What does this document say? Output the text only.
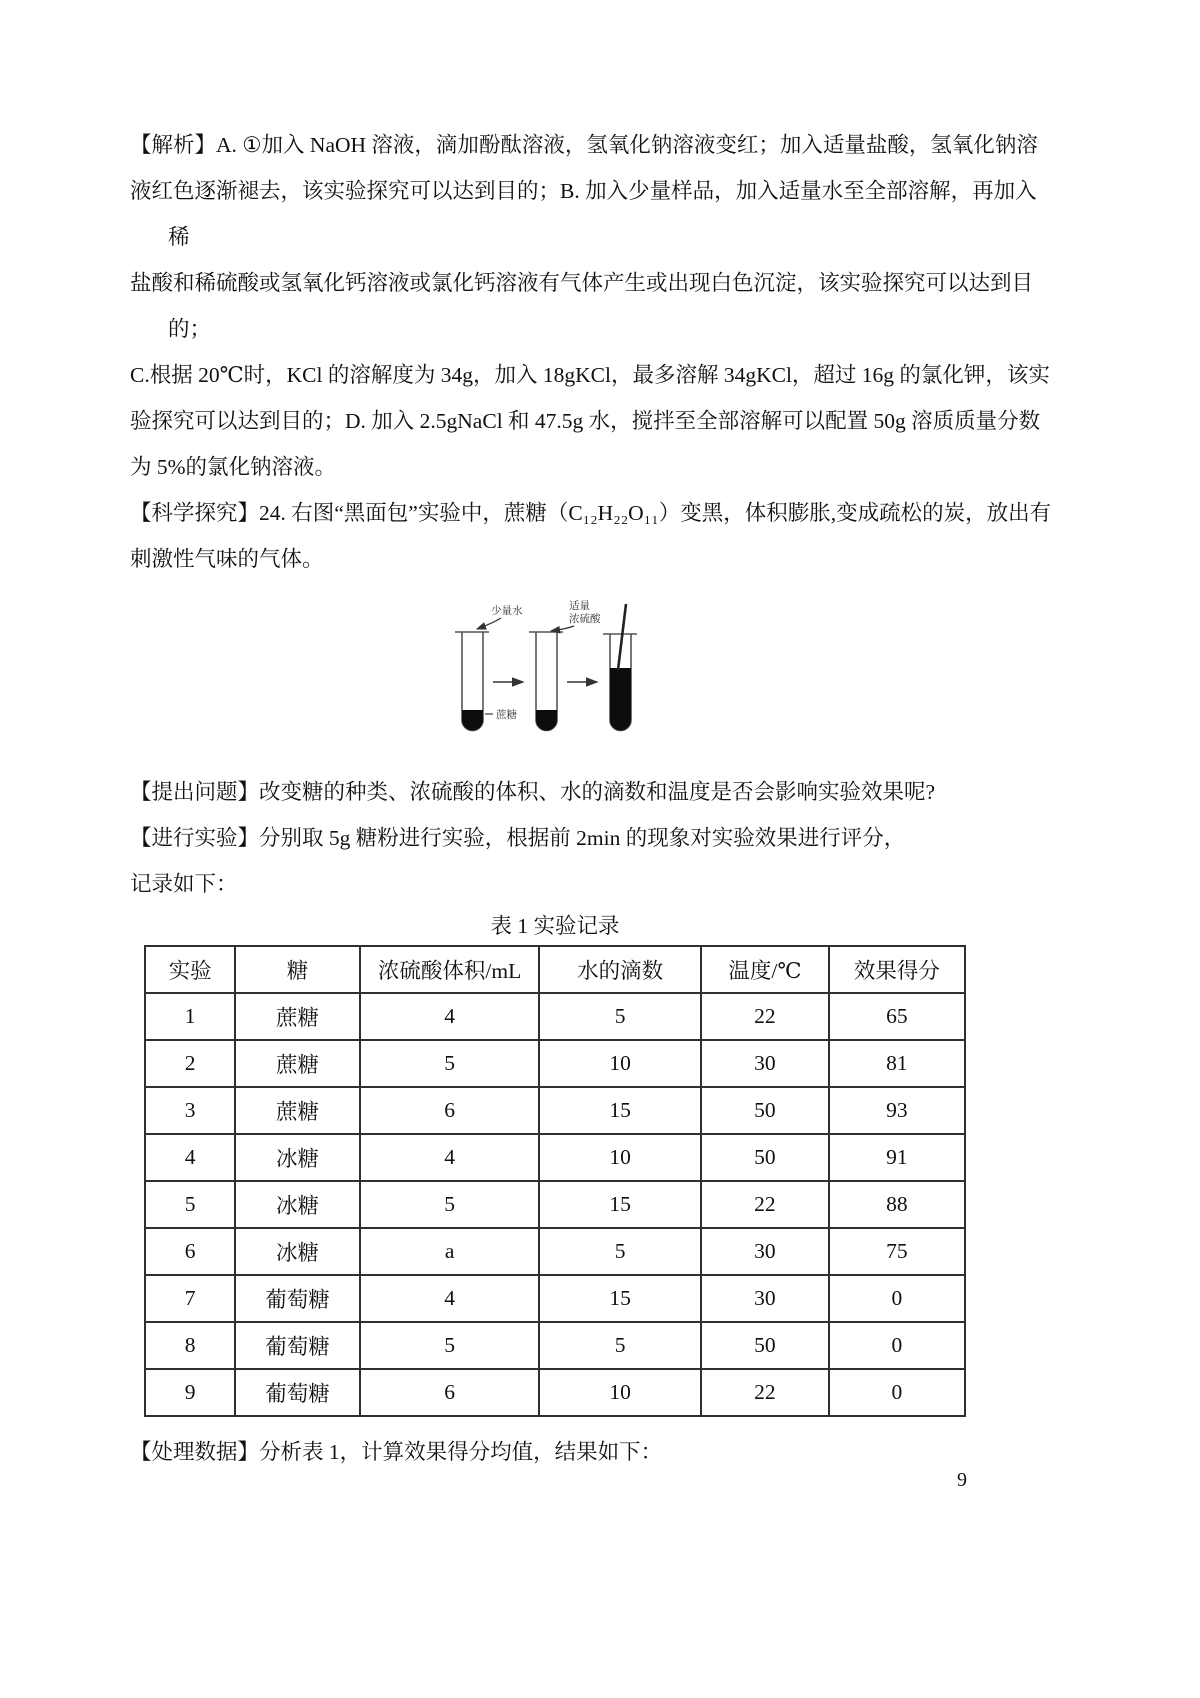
【解析】A. ①加入 NaOH 溶液，滴加酚酞溶液，氢氧化钠溶液变红；加入适量盐酸，氢氧化钠溶

液红色逐渐褪去，该实验探究可以达到目的；B. 加入少量样品，加入适量水至全部溶解，再加入

稀

盐酸和稀硫酸或氢氧化钙溶液或氯化钙溶液有气体产生或出现白色沉淀，该实验探究可以达到目

的；

C.根据 20℃时，KCl 的溶解度为 34g，加入 18gKCl，最多溶解 34gKCl，超过 16g 的氯化钾，该实

验探究可以达到目的；D. 加入 2.5gNaCl 和 47.5g 水，搅拌至全部溶解可以配置 50g 溶质质量分数

为 5%的氯化钠溶液。

【科学探究】24. 右图“黑面包”实验中，蔗糖（C₁₂H₂₂O₁₁）变黑，体积膨胀,变成疏松的炭，放出有

刺激性气味的气体。

少量水	适量
浓硫酸
蔗糖

【提出问题】改变糖的种类、浓硫酸的体积、水的滴数和温度是否会影响实验效果呢?

【进行实验】分别取 5g 糖粉进行实验，根据前 2min 的现象对实验效果进行评分，

记录如下：

表 1 实验记录

实验	糖	浓硫酸体积/mL	水的滴数	温度/℃	效果得分
1	蔗糖	4	5	22	65
2	蔗糖	5	10	30	81
3	蔗糖	6	15	50	93
4	冰糖	4	10	50	91
5	冰糖	5	15	22	88
6	冰糖	a	5	30	75
7	葡萄糖	4	15	30	0
8	葡萄糖	5	5	50	0
9	葡萄糖	6	10	22	0

【处理数据】分析表 1，计算效果得分均值，结果如下：

9
